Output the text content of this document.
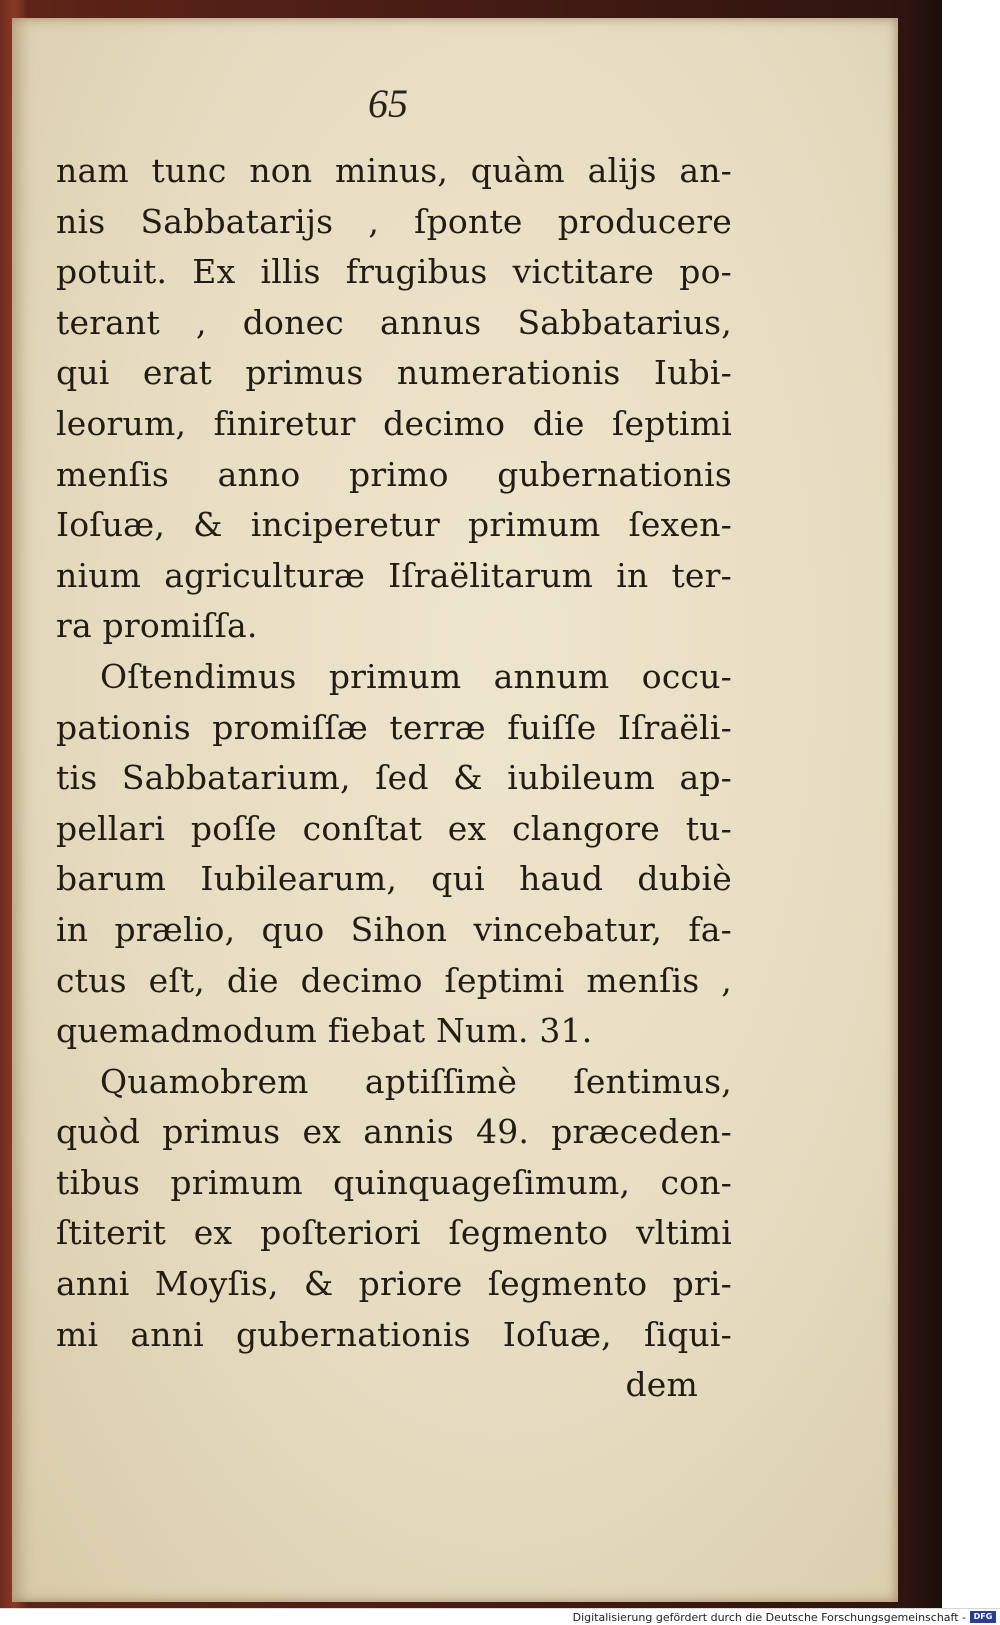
65

nam tunc non minus, quàm alijs an-
nis Sabbatarijs , ſponte producere
potuit. Ex illis frugibus victitare po-
terant , donec annus Sabbatarius,
qui erat primus numerationis Iubi-
leorum, finiretur decimo die ſeptimi
menſis anno primo gubernationis
Ioſuæ, & inciperetur primum ſexen-
nium agriculturæ Iſraëlitarum in ter-
ra promiſſa.
Oſtendimus primum annum occu-
pationis promiſſæ terræ fuiſſe Iſraëli-
tis Sabbatarium, ſed & iubileum ap-
pellari poſſe conſtat ex clangore tu-
barum Iubilearum, qui haud dubiè
in prælio, quo Sihon vincebatur, fa-
ctus eſt, die decimo ſeptimi menſis ,
quemadmodum fiebat Num. 31.
Quamobrem aptiſſimè ſentimus,
quòd primus ex annis 49. præceden-
tibus primum quinquageſimum, con-
ſtiterit ex poſteriori ſegmento vltimi
anni Moyſis, & priore ſegmento pri-
mi anni gubernationis Ioſuæ, ſiqui-
dem
Digitalisierung gefördert durch die Deutsche Forschungsgemeinschaft - DFG
